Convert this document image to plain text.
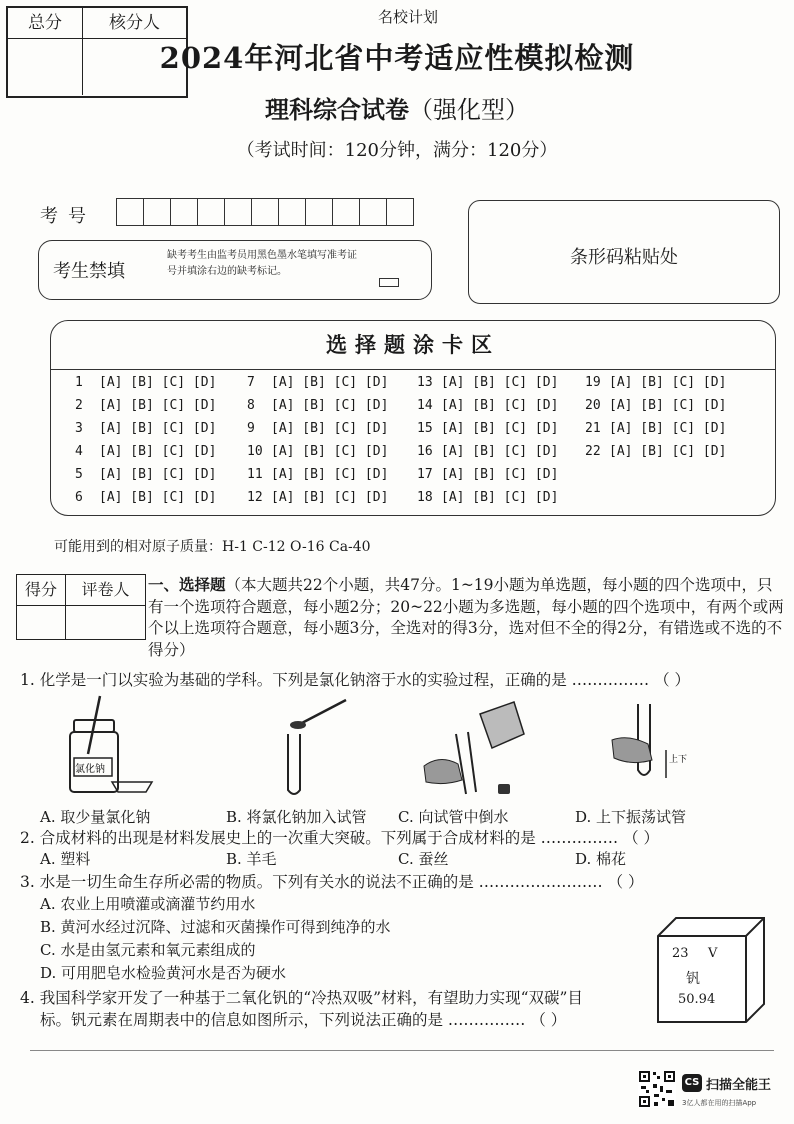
总分	核分人	名校计划
2024年河北省中考适应性模拟检测
理科综合试卷（强化型）
（考试时间：120分钟，满分：120分）
考号
考生禁填
缺考考生由监考员用黑色墨水笔填写准考证号并填涂右边的缺考标记。
条形码粘贴处
选择题涂卡区
1 [A] [B] [C] [D]
2 [A] [B] [C] [D]
3 [A] [B] [C] [D]
4 [A] [B] [C] [D]
5 [A] [B] [C] [D]
6 [A] [B] [C] [D]
7 [A] [B] [C] [D]
8 [A] [B] [C] [D]
9 [A] [B] [C] [D]
10 [A] [B] [C] [D]
11 [A] [B] [C] [D]
12 [A] [B] [C] [D]
13 [A] [B] [C] [D]
14 [A] [B] [C] [D]
15 [A] [B] [C] [D]
16 [A] [B] [C] [D]
17 [A] [B] [C] [D]
18 [A] [B] [C] [D]
19 [A] [B] [C] [D]
20 [A] [B] [C] [D]
21 [A] [B] [C] [D]
22 [A] [B] [C] [D]
可能用到的相对原子质量：H-1 C-12 O-16 Ca-40
得分	评卷人	一、选择题（本大题共22个小题，共47分。1~19小题为单选题，每小题的四个选项中，只有一个选项符合题意，每小题2分；20~22小题为多选题，每小题的四个选项中，有两个或两个以上选项符合题意，每小题3分，全选对的得3分，选对但不全的得2分，有错选或不选的不得分）
1. 化学是一门以实验为基础的学科。下列是氯化钠溶于水的实验过程，正确的是 …………… （ ）
氯化钠
上下
A. 取少量氯化钠	B. 将氯化钠加入试管 C. 向试管中倒水	D. 上下振荡试管
2. 合成材料的出现是材料发展史上的一次重大突破。下列属于合成材料的是 …………… （ ）
A. 塑料	B. 羊毛	C. 蚕丝	D. 棉花
3. 水是一切生命生存所必需的物质。下列有关水的说法不正确的是 …………………… （ ）
A. 农业上用喷灌或滴灌节约用水
B. 黄河水经过沉降、过滤和灭菌操作可得到纯净的水
C. 水是由氢元素和氧元素组成的
D. 可用肥皂水检验黄河水是否为硬水
23 V
钒
50.94
4. 我国科学家开发了一种基于二氧化钒的“冷热双吸”材料，有望助力实现“双碳”目
标。钒元素在周期表中的信息如图所示，下列说法正确的是 …………… （ ）
CS 扫描全能王
3亿人都在用的扫描App
